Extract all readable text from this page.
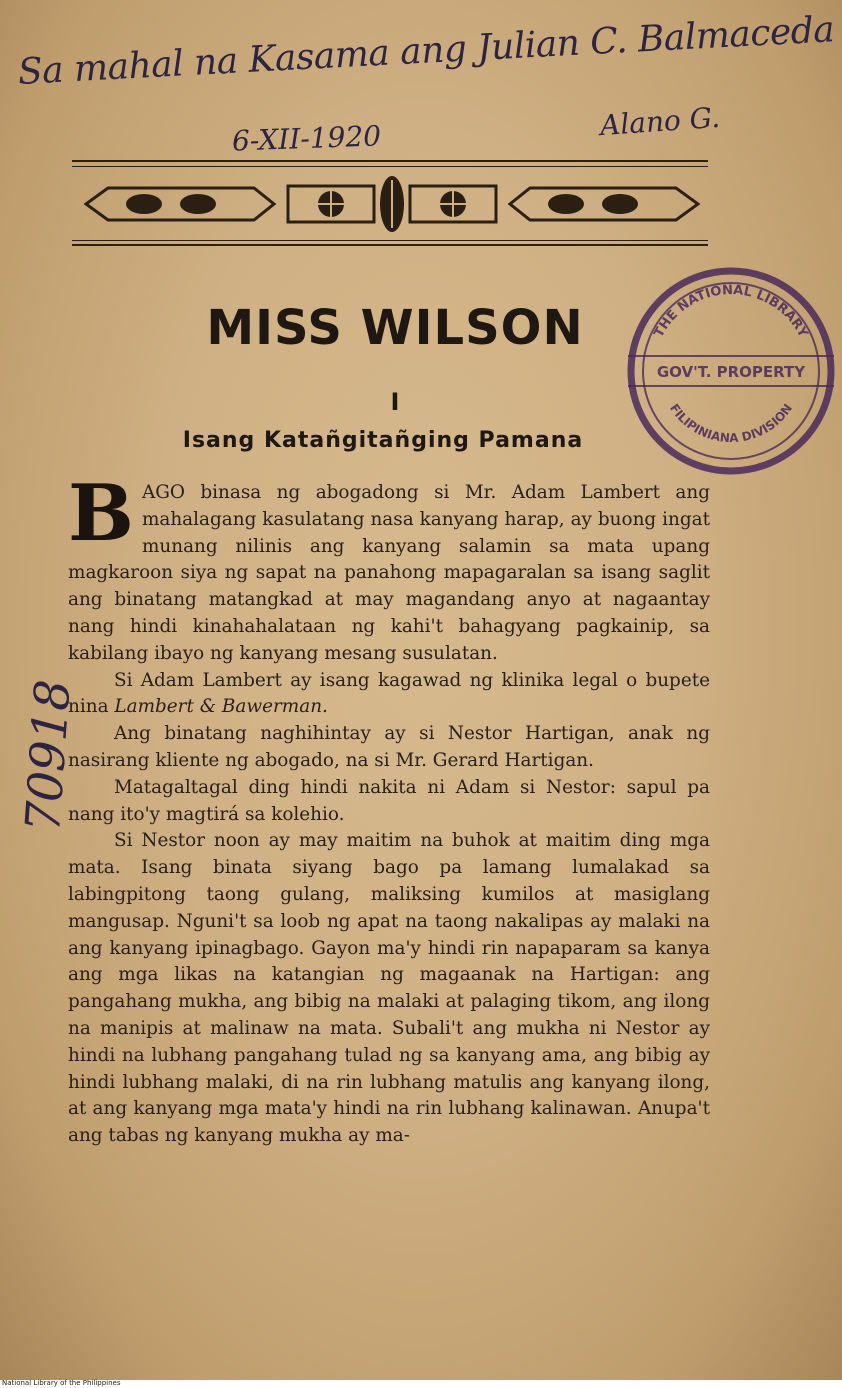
Sa mahal na Kasama ang Julian C. Balmaceda
6-XII-1920	Alano G.
70918
THE NATIONAL LIBRARY
GOV'T. PROPERTY
FILIPINIANA DIVISION
MISS WILSON
I
Isang Katañgitañging Pamana

BAGO binasa ng abogadong si Mr. Adam Lambert ang mahalagang kasulatang nasa kanyang harap, ay buong ingat munang nilinis ang kanyang salamin sa mata upang magkaroon siya ng sapat na panahong mapagaralan sa isang saglit ang binatang matangkad at may magandang anyo at nagaantay nang hindi kinahahalataan ng kahi't bahagyang pagkainip, sa kabilang ibayo ng kanyang mesang susulatan.

Si Adam Lambert ay isang kagawad ng klinika legal o bupete nina Lambert & Bawerman.

Ang binatang naghihintay ay si Nestor Hartigan, anak ng nasirang kliente ng abogado, na si Mr. Gerard Hartigan.

Matagaltagal ding hindi nakita ni Adam si Nestor: sapul pa nang ito'y magtirá sa kolehio.

Si Nestor noon ay may maitim na buhok at maitim ding mga mata. Isang binata siyang bago pa lamang lumalakad sa labingpitong taong gulang, maliksing kumilos at masiglang mangusap. Nguni't sa loob ng apat na taong nakalipas ay malaki na ang kanyang ipinagbago. Gayon ma'y hindi rin napaparam sa kanya ang mga likas na katangian ng magaanak na Hartigan: ang pangahang mukha, ang bibig na malaki at palaging tikom, ang ilong na manipis at malinaw na mata. Subali't ang mukha ni Nestor ay hindi na lubhang pangahang tulad ng sa kanyang ama, ang bibig ay hindi lubhang malaki, di na rin lubhang matulis ang kanyang ilong, at ang kanyang mga mata'y hindi na rin lubhang kalinawan. Anupa't ang tabas ng kanyang mukha ay ma-

National Library of the Philippines
